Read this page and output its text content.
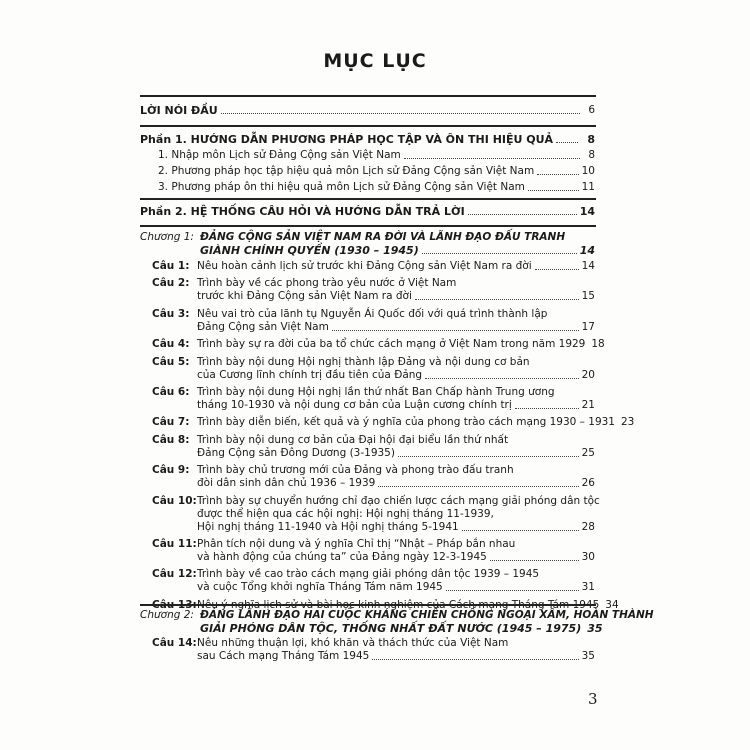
MỤC LỤC
LỜI NÓI ĐẦU	6
Phần 1. HƯỚNG DẪN PHƯƠNG PHÁP HỌC TẬP VÀ ÔN THI HIỆU QUẢ	8
1. Nhập môn Lịch sử Đảng Cộng sản Việt Nam	8
2. Phương pháp học tập hiệu quả môn Lịch sử Đảng Cộng sản Việt Nam	10
3. Phương pháp ôn thi hiệu quả môn Lịch sử Đảng Cộng sản Việt Nam	11
Phần 2. HỆ THỐNG CÂU HỎI VÀ HƯỚNG DẪN TRẢ LỜI	14
Chương 1: ĐẢNG CỘNG SẢN VIỆT NAM RA ĐỜI VÀ LÃNH ĐẠO ĐẤU TRANH
GIÀNH CHÍNH QUYỀN (1930 – 1945)	14
Câu 1: Nêu hoàn cảnh lịch sử trước khi Đảng Cộng sản Việt Nam ra đời	14
Câu 2: Trình bày về các phong trào yêu nước ở Việt Nam
trước khi Đảng Cộng sản Việt Nam ra đời	15
Câu 3: Nêu vai trò của lãnh tụ Nguyễn Ái Quốc đối với quá trình thành lập
Đảng Cộng sản Việt Nam	17
Câu 4: Trình bày sự ra đời của ba tổ chức cách mạng ở Việt Nam trong năm 1929 18
Câu 5: Trình bày nội dung Hội nghị thành lập Đảng và nội dung cơ bản
của Cương lĩnh chính trị đầu tiên của Đảng	20
Câu 6: Trình bày nội dung Hội nghị lần thứ nhất Ban Chấp hành Trung ương
tháng 10-1930 và nội dung cơ bản của Luận cương chính trị	21
Câu 7: Trình bày diễn biến, kết quả và ý nghĩa của phong trào cách mạng 1930 – 1931 23
Câu 8: Trình bày nội dung cơ bản của Đại hội đại biểu lần thứ nhất
Đảng Cộng sản Đông Dương (3-1935)	25
Câu 9: Trình bày chủ trương mới của Đảng và phong trào đấu tranh
đòi dân sinh dân chủ 1936 – 1939	26
Câu 10: Trình bày sự chuyển hướng chỉ đạo chiến lược cách mạng giải phóng dân tộc
được thể hiện qua các hội nghị: Hội nghị tháng 11-1939,
Hội nghị tháng 11-1940 và Hội nghị tháng 5-1941	28
Câu 11: Phân tích nội dung và ý nghĩa Chỉ thị “Nhật – Pháp bắn nhau
và hành động của chúng ta” của Đảng ngày 12-3-1945	30
Câu 12: Trình bày về cao trào cách mạng giải phóng dân tộc 1939 – 1945
và cuộc Tổng khởi nghĩa Tháng Tám năm 1945	31
Câu 13: Nêu ý nghĩa lịch sử và bài học kinh nghiệm của Cách mạng Tháng Tám 1945 34
Chương 2: ĐẢNG LÃNH ĐẠO HAI CUỘC KHÁNG CHIẾN CHỐNG NGOẠI XÂM, HOÀN THÀNH
GIẢI PHÓNG DÂN TỘC, THỐNG NHẤT ĐẤT NƯỚC (1945 – 1975) 35
Câu 14: Nêu những thuận lợi, khó khăn và thách thức của Việt Nam
sau Cách mạng Tháng Tám 1945	35
3
